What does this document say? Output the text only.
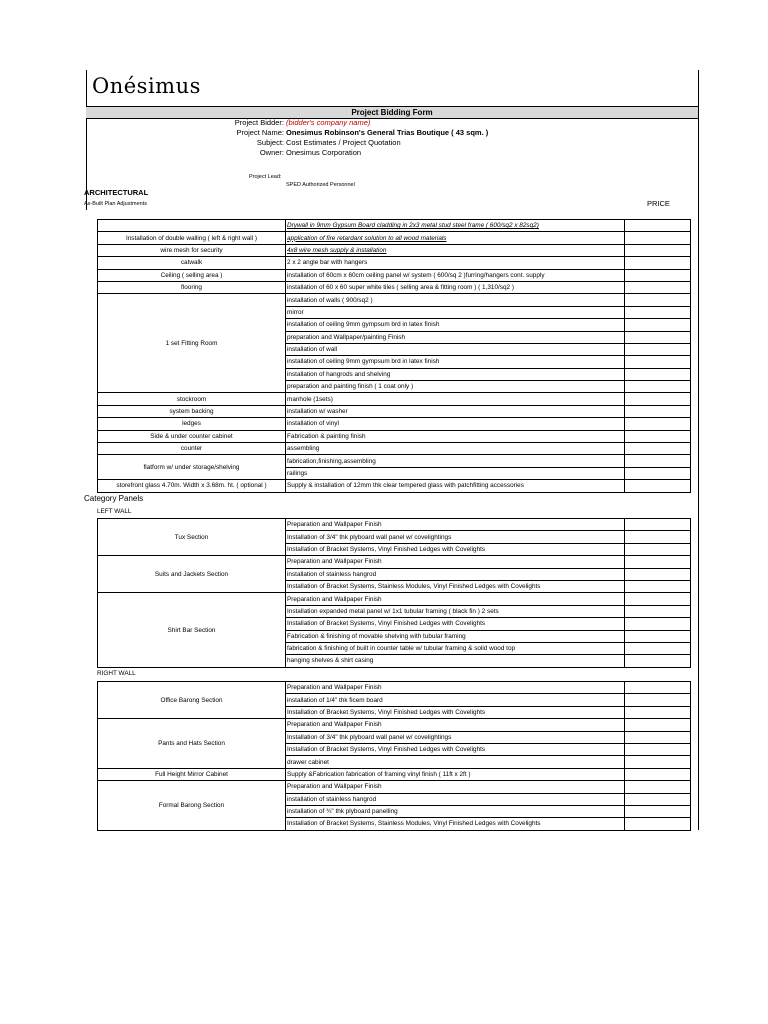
Onésimus
Project Bidding Form
Project Bidder: (bidder's company name)
Project Name: Onesimus Robinson's General Trias Boutique ( 43 sqm. )
Subject: Cost Estimates / Project Quotation
Owner: Onesimus Corporation
Project Lead:
SPED Authorized Personnel
ARCHITECTURAL
As-Built Plan Adjustments	PRICE
	Drywall in 9mm Gypsum Board cladding in 2x3 metal stud steel frame ( 600/sq2 x 82sq2)	
Installation of double walling ( left & right wall )	application of fire retardant solution to all wood materials	
wire mesh for security	4x8 wire mesh supply & installation	
catwalk	2 x 2 angle bar with hangers	
Ceiling ( selling area )	installation of 60cm x 60cm ceiling panel w/ system ( 600/sq 2 )furring/hangers cont. supply	
flooring	installation of 60 x 60 super white tiles ( selling area & fitting room ) ( 1,310/sq2 )	
1 set Fitting Room	installation of walls ( 900/sq2 )	
	mirror	
	installation of ceiling 9mm gympsum brd in latex finish	
	preparation and Wallpaper/painting Finish	
	installation of wall	
	installation of ceiling 9mm gympsum brd in latex finish	
	installation of hangrods and shelving	
	preparation and painting finish ( 1 coat only )	
stockroom	manhole (1sets)	
system backing	installation w/ washer	
ledges	installation of vinyl	
Side & under counter cabinet	Fabrication & painting finish	
counter	assembling	
flatform w/ under storage/shelving	fabrication,finishing,assembling	
	railings	
storefront glass 4.70m. Width x 3.68m. ht. ( optional )	Supply & installation of 12mm thk clear tempered glass with patchfitting accessories	
Category Panels
LEFT WALL
Tux Section	Preparation and Wallpaper Finish	
	Installation of 3/4" thk plyboard wall panel w/ covelightings	
	Installation of Bracket Systems, Vinyl Finished Ledges with Covelights	
Suits and Jackets Section	Preparation and Wallpaper Finish	
	installation of stainless hangrod	
	Installation of Bracket Systems, Stainless Modules, Vinyl Finished Ledges with Covelights	
Shirt Bar Section	Preparation and Wallpaper Finish	
	Installation expanded metal panel w/ 1x1 tubular framing ( black fin ) 2 sets	
	Installation of Bracket Systems, Vinyl Finished Ledges with Covelights	
	Fabrication & finishing of movable shelving with tubular framing	
	fabrication & finishing of built in counter table w/ tubular framing & solid wood top	
	hanging shelves & shirt casing	
RIGHT WALL
Office Barong Section	Preparation and Wallpaper Finish	
	installation of 1/4" thk ficem board	
	Installation of Bracket Systems, Vinyl Finished Ledges with Covelights	
Pants and Hats Section	Preparation and Wallpaper Finish	
	Installation of 3/4" thk plyboard wall panel w/ covelightings	
	Installation of Bracket Systems, Vinyl Finished Ledges with Covelights	
	drawer cabinet	
Full Height Mirror Cabinet	Supply &Fabrication fabrication of framing vinyl finish ( 11ft x 2ft )	
Formal Barong Section	Preparation and Wallpaper Finish	
	installation of stainless hangrod	
	installation of ¾" thk plyboard panelling	
	Installation of Bracket Systems, Stainless Modules, Vinyl Finished Ledges with Covelights	
